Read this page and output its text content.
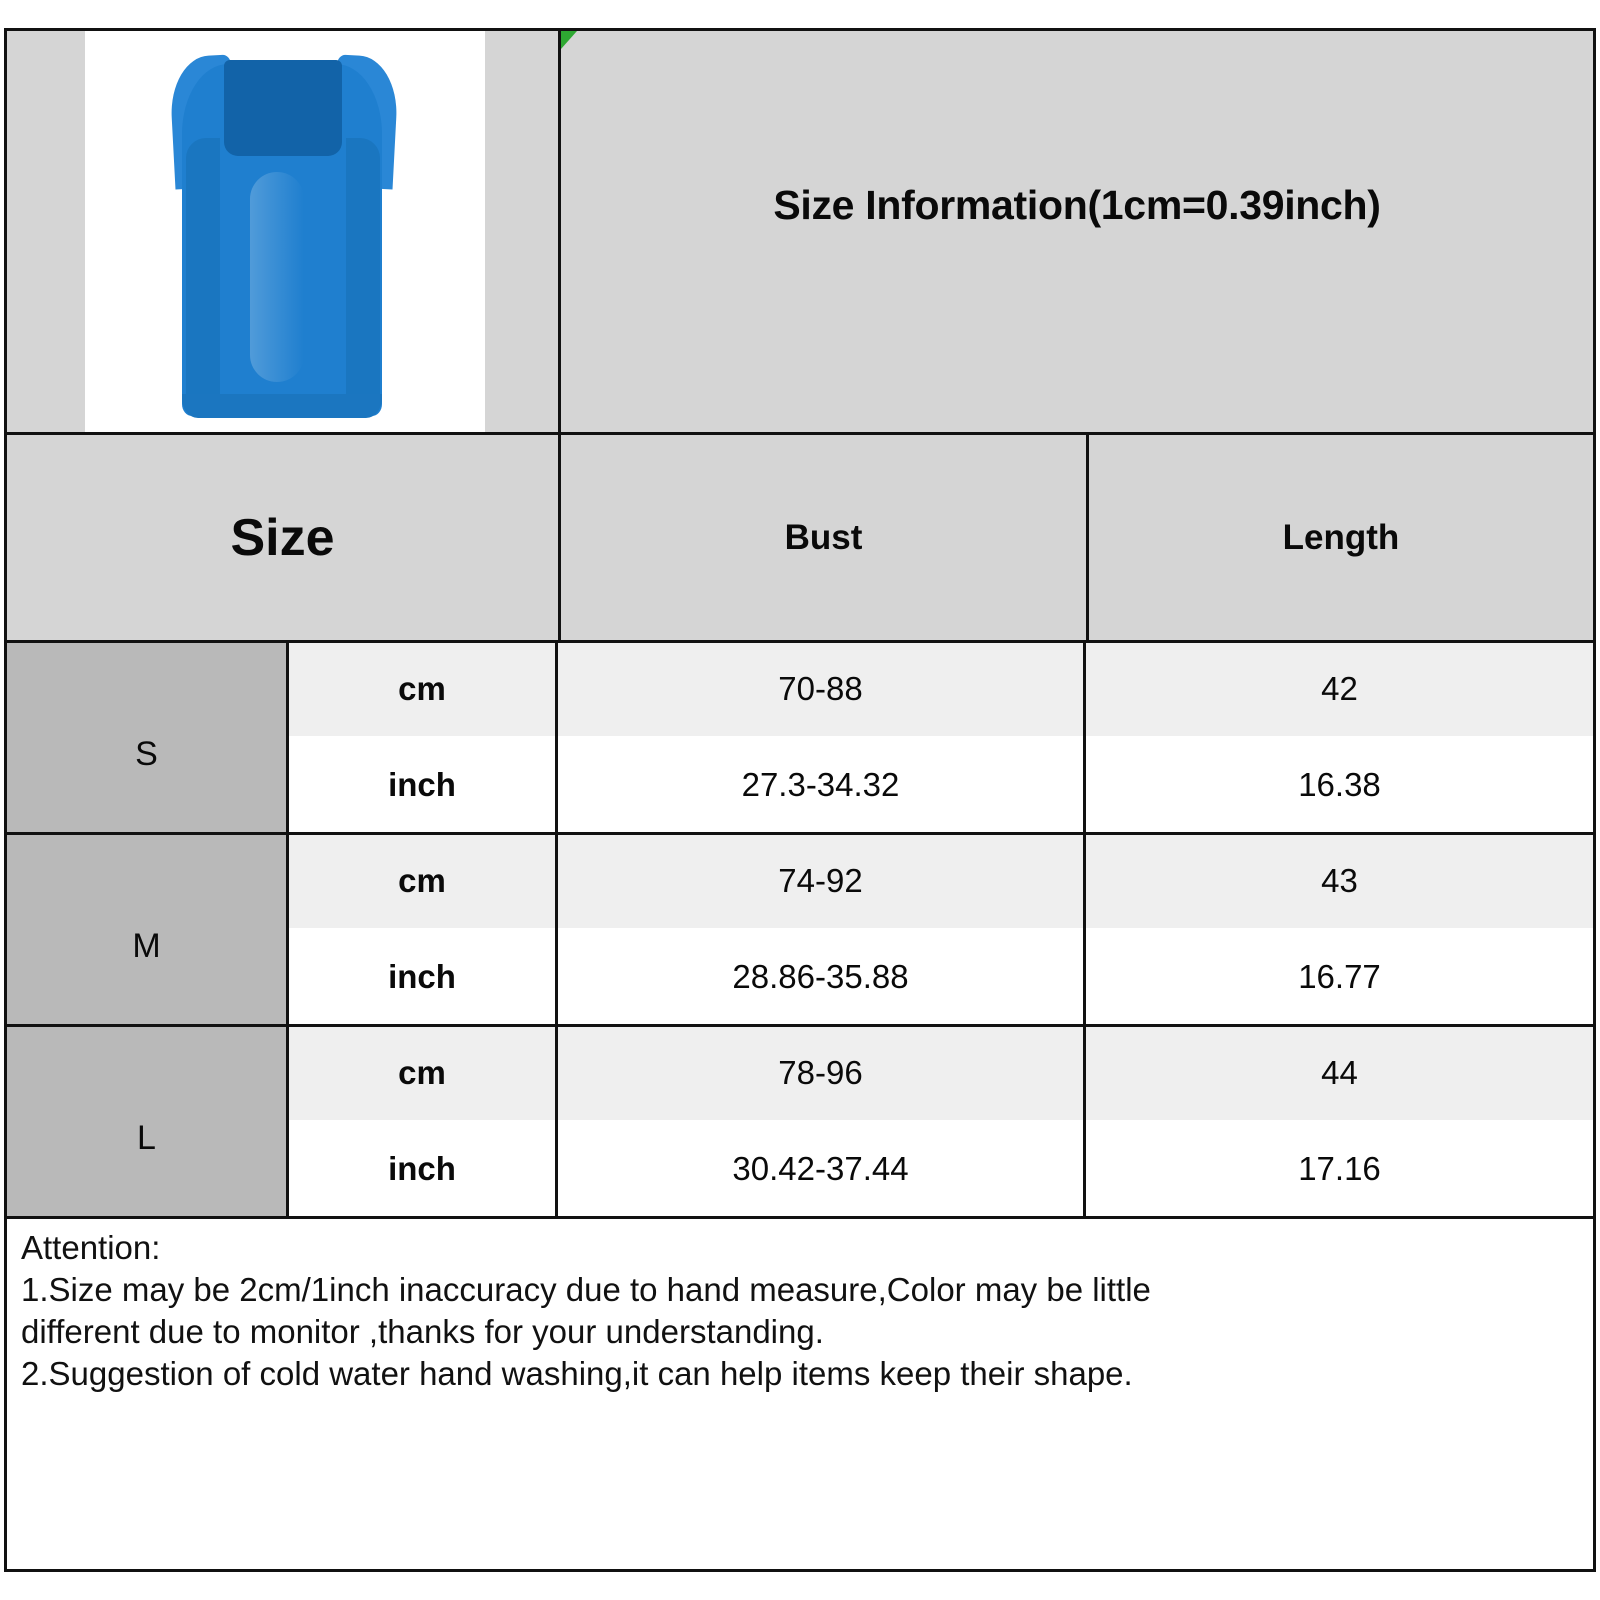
Size Information(1cm=0.39inch)
Size	Bust	Length
S
cm
inch
70-88
27.3-34.32
42
16.38
M
cm
inch
74-92
28.86-35.88
43
16.77
L
cm
inch
78-96
30.42-37.44
44
17.16
Attention:
1.Size may be 2cm/1inch inaccuracy due to hand measure,Color may be little
different due to monitor ,thanks for your understanding.
2.Suggestion of cold water hand washing,it can help items keep their shape.
